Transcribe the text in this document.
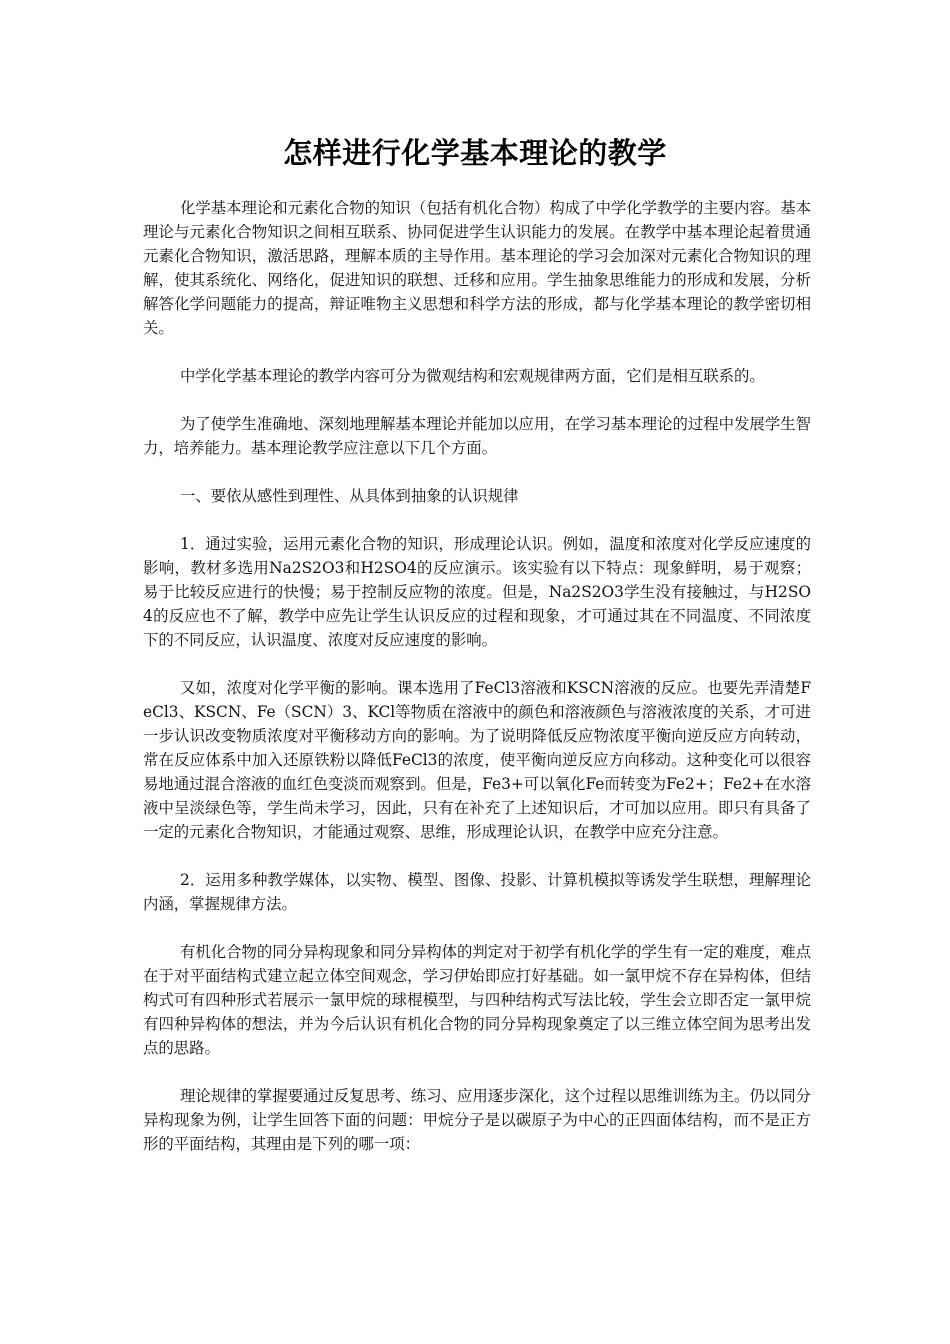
怎样进行化学基本理论的教学

化学基本理论和元素化合物的知识（包括有机化合物）构成了中学化学教学的主要内容。基本理论与元素化合物知识之间相互联系、协同促进学生认识能力的发展。在教学中基本理论起着贯通元素化合物知识，激活思路，理解本质的主导作用。基本理论的学习会加深对元素化合物知识的理解，使其系统化、网络化，促进知识的联想、迁移和应用。学生抽象思维能力的形成和发展，分析解答化学问题能力的提高，辩证唯物主义思想和科学方法的形成，都与化学基本理论的教学密切相关。

中学化学基本理论的教学内容可分为微观结构和宏观规律两方面，它们是相互联系的。

为了使学生准确地、深刻地理解基本理论并能加以应用，在学习基本理论的过程中发展学生智力，培养能力。基本理论教学应注意以下几个方面。

一、要依从感性到理性、从具体到抽象的认识规律

1．通过实验，运用元素化合物的知识，形成理论认识。例如，温度和浓度对化学反应速度的影响，教材多选用Na2S2O3和H2SO4的反应演示。该实验有以下特点：现象鲜明，易于观察；易于比较反应进行的快慢；易于控制反应物的浓度。但是，Na2S2O3学生没有接触过，与H2SO4的反应也不了解，教学中应先让学生认识反应的过程和现象，才可通过其在不同温度、不同浓度下的不同反应，认识温度、浓度对反应速度的影响。

又如，浓度对化学平衡的影响。课本选用了FeCl3溶液和KSCN溶液的反应。也要先弄清楚FeCl3、KSCN、Fe（SCN）3、KCl等物质在溶液中的颜色和溶液颜色与溶液浓度的关系，才可进一步认识改变物质浓度对平衡移动方向的影响。为了说明降低反应物浓度平衡向逆反应方向转动，常在反应体系中加入还原铁粉以降低FeCl3的浓度，使平衡向逆反应方向移动。这种变化可以很容易地通过混合溶液的血红色变淡而观察到。但是，Fe3+可以氧化Fe而转变为Fe2+；Fe2+在水溶液中呈淡绿色等，学生尚未学习，因此，只有在补充了上述知识后，才可加以应用。即只有具备了一定的元素化合物知识，才能通过观察、思维，形成理论认识，在教学中应充分注意。

2．运用多种教学媒体，以实物、模型、图像、投影、计算机模拟等诱发学生联想，理解理论内涵，掌握规律方法。

有机化合物的同分异构现象和同分异构体的判定对于初学有机化学的学生有一定的难度，难点在于对平面结构式建立起立体空间观念，学习伊始即应打好基础。如一氯甲烷不存在异构体，但结构式可有四种形式若展示一氯甲烷的球棍模型，与四种结构式写法比较，学生会立即否定一氯甲烷有四种异构体的想法，并为今后认识有机化合物的同分异构现象奠定了以三维立体空间为思考出发点的思路。

理论规律的掌握要通过反复思考、练习、应用逐步深化，这个过程以思维训练为主。仍以同分异构现象为例，让学生回答下面的问题：甲烷分子是以碳原子为中心的正四面体结构，而不是正方形的平面结构，其理由是下列的哪一项：
